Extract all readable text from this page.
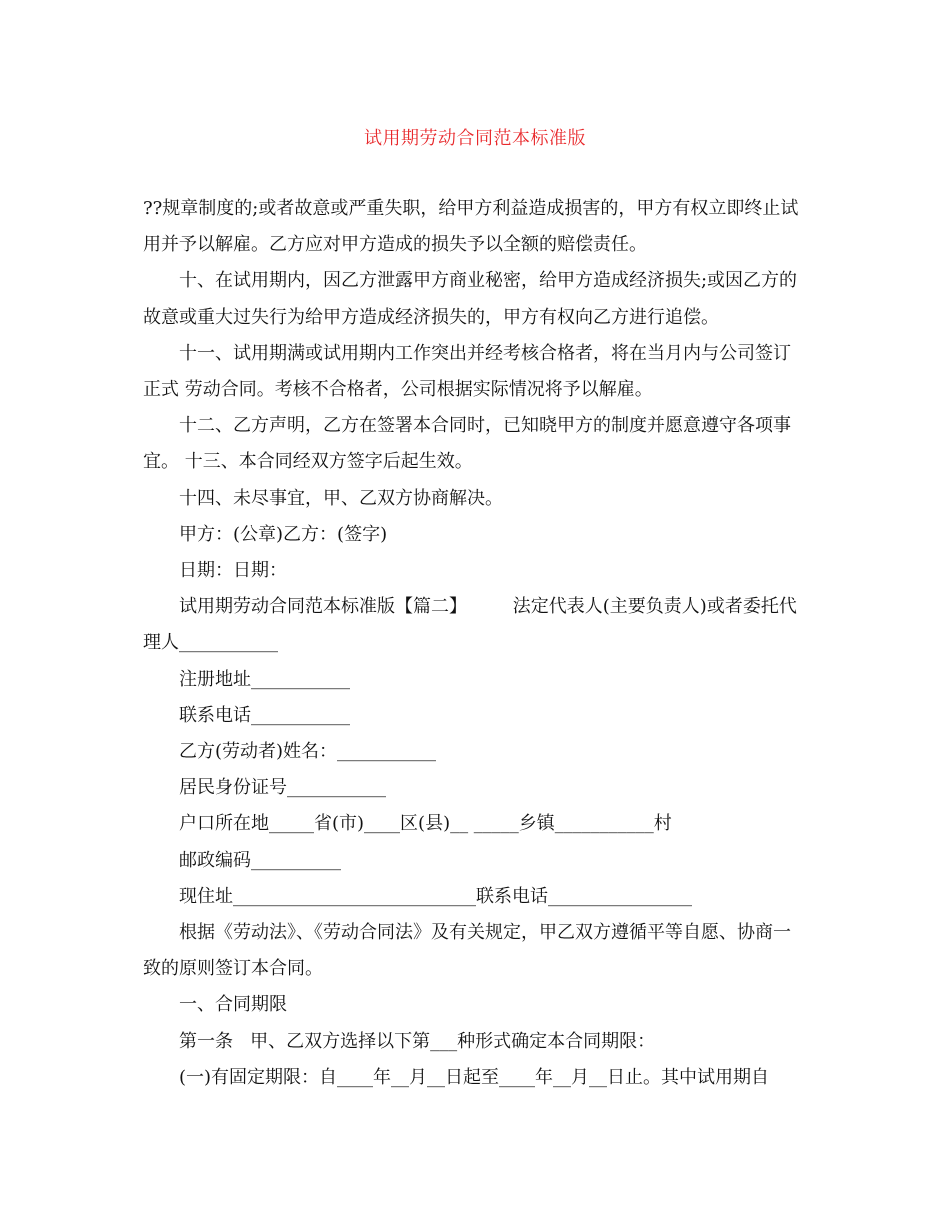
试用期劳动合同范本标准版

??规章制度的;或者故意或严重失职，给甲方利益造成损害的，甲方有权立即终止试用并予以解雇。乙方应对甲方造成的损失予以全额的赔偿责任。

十、在试用期内，因乙方泄露甲方商业秘密，给甲方造成经济损失;或因乙方的故意或重大过失行为给甲方造成经济损失的，甲方有权向乙方进行追偿。

十一、试用期满或试用期内工作突出并经考核合格者，将在当月内与公司签订正式 劳动合同。考核不合格者，公司根据实际情况将予以解雇。

十二、乙方声明，乙方在签署本合同时，已知晓甲方的制度并愿意遵守各项事宜。 十三、本合同经双方签字后起生效。

十四、未尽事宜，甲、乙双方协商解决。

甲方：(公章)乙方：(签字)

日期：日期：

试用期劳动合同范本标准版【篇二】        法定代表人(主要负责人)或者委托代理人___________

注册地址___________

联系电话___________

乙方(劳动者)姓名：___________

居民身份证号___________

户口所在地_____省(市)____区(县)__ _____乡镇___________村

邮政编码__________

现住址___________________________联系电话________________

根据《劳动法》、《劳动合同法》及有关规定，甲乙双方遵循平等自愿、协商一致的原则签订本合同。

一、合同期限

第一条   甲、乙双方选择以下第___种形式确定本合同期限：

(一)有固定期限：自____年__月__日起至____年__月__日止。其中试用期自
